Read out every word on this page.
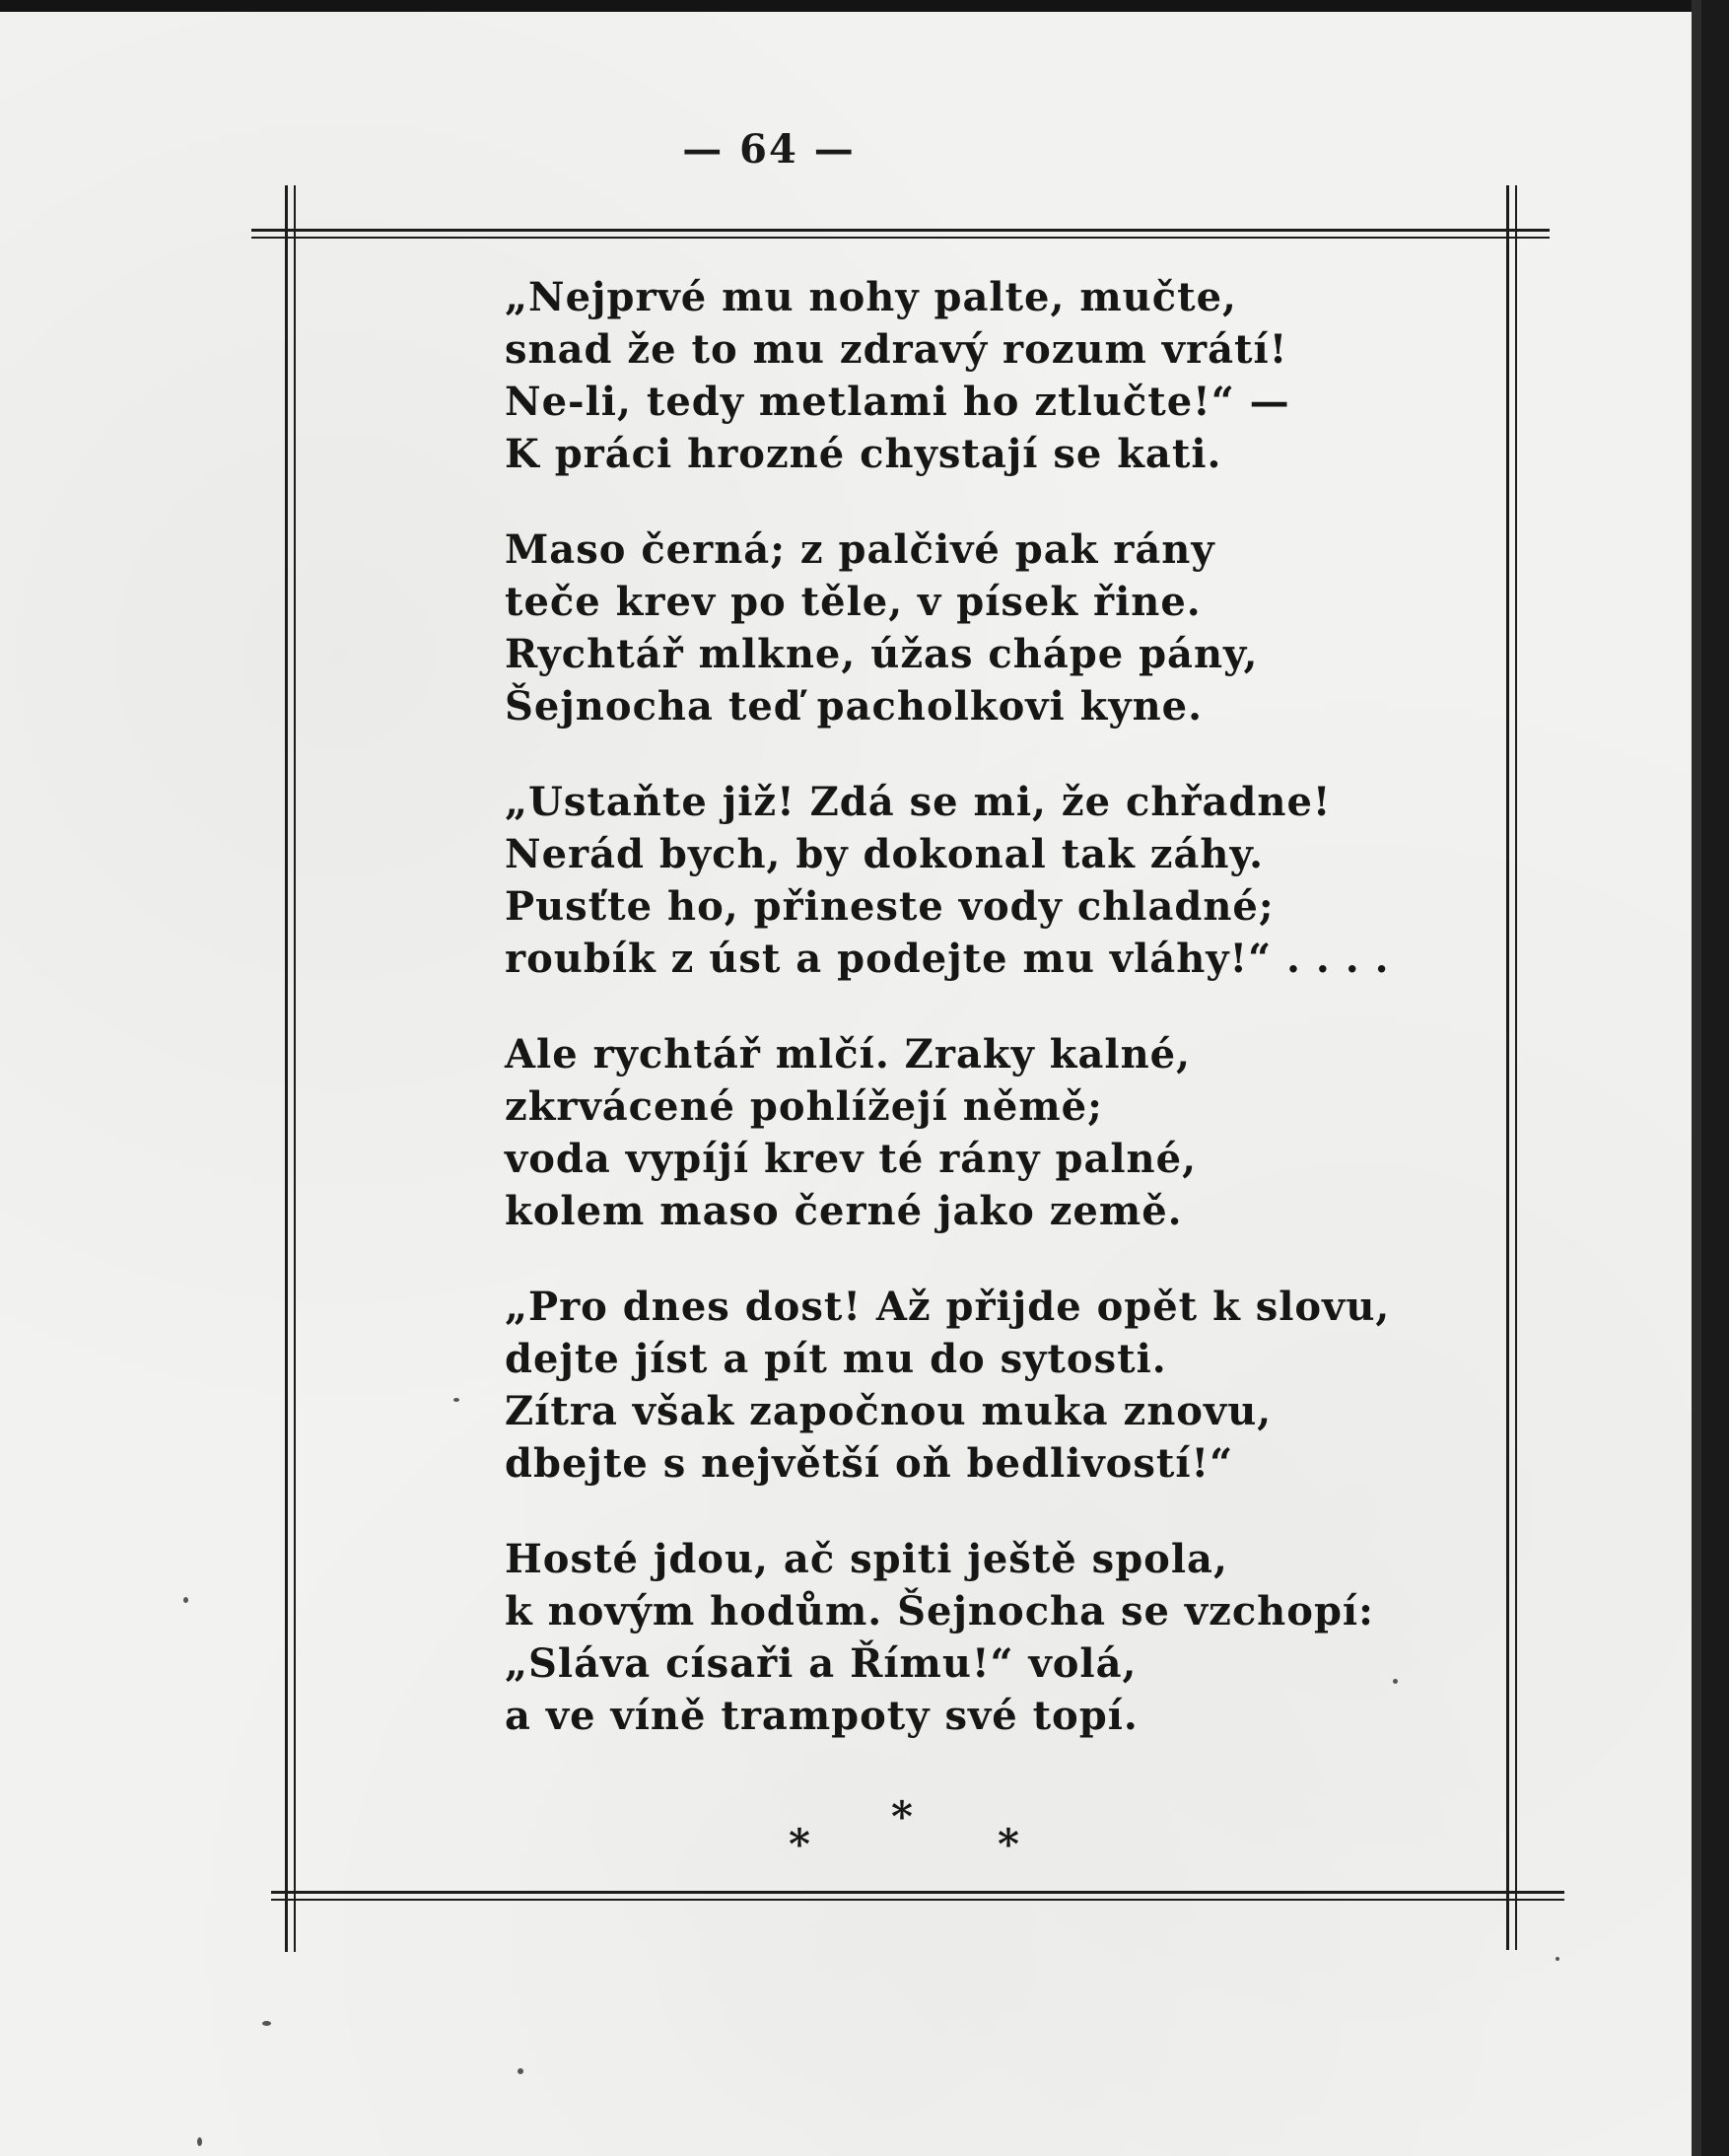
— 64 —
„Nejprvé mu nohy palte, mučte,
snad že to mu zdravý rozum vrátí!
Ne-li, tedy metlami ho ztlučte!“ —
K práci hrozné chystají se kati.
Maso černá; z palčivé pak rány
teče krev po těle, v písek řine.
Rychtář mlkne, úžas chápe pány,
Šejnocha teď pacholkovi kyne.
„Ustaňte již! Zdá se mi, že chřadne!
Nerád bych, by dokonal tak záhy.
Pusťte ho, přineste vody chladné;
roubík z úst a podejte mu vláhy!“ . . . .
Ale rychtář mlčí. Zraky kalné,
zkrvácené pohlížejí němě;
voda vypíjí krev té rány palné,
kolem maso černé jako země.
„Pro dnes dost! Až přijde opět k slovu,
dejte jíst a pít mu do sytosti.
Zítra však započnou muka znovu,
dbejte s největší oň bedlivostí!“
Hosté jdou, ač spiti ještě spola,
k novým hodům. Šejnocha se vzchopí:
„Sláva císaři a Římu!“ volá,
a ve víně trampoty své topí.
*
*	*
